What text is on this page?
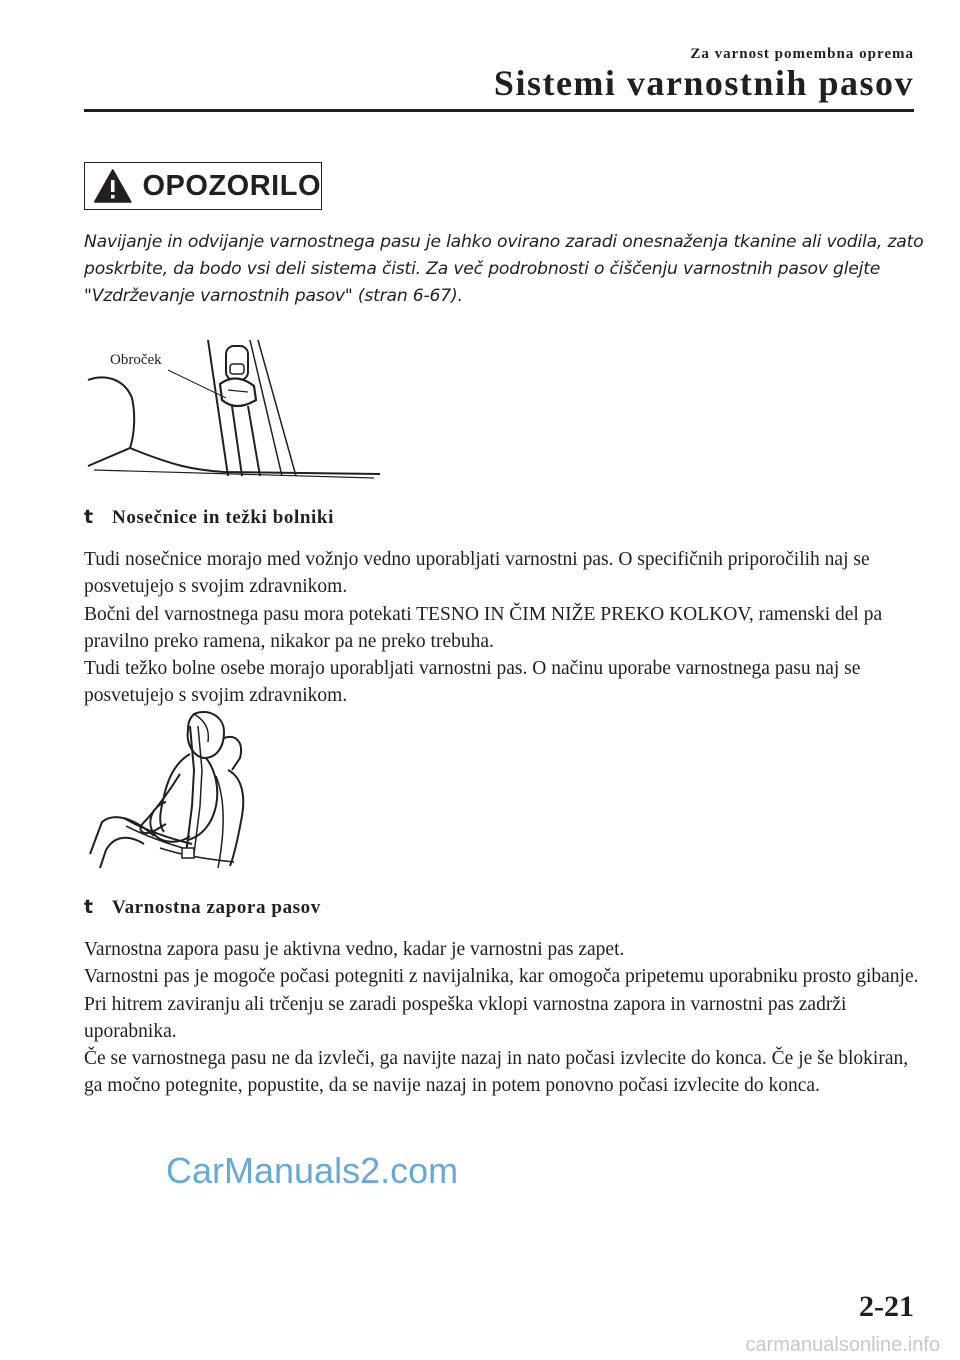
Za varnost pomembna oprema
Sistemi varnostnih pasov
OPOZORILO
Navijanje in odvijanje varnostnega pasu je lahko ovirano zaradi onesnaženja tkanine ali vodila, zato poskrbite, da bodo vsi deli sistema čisti. Za več podrobnosti o čiščenju varnostnih pasov glejte "Vzdrževanje varnostnih pasov" (stran 6-67).
Obroček
t Nosečnice in težki bolniki

Tudi nosečnice morajo med vožnjo vedno uporabljati varnostni pas. O specifičnih priporočilih naj se posvetujejo s svojim zdravnikom.

Bočni del varnostnega pasu mora potekati TESNO IN ČIM NIŽE PREKO KOLKOV, ramenski del pa pravilno preko ramena, nikakor pa ne preko trebuha.

Tudi težko bolne osebe morajo uporabljati varnostni pas. O načinu uporabe varnostnega pasu naj se posvetujejo s svojim zdravnikom.

t Varnostna zapora pasov

Varnostna zapora pasu je aktivna vedno, kadar je varnostni pas zapet.

Varnostni pas je mogoče počasi potegniti z navijalnika, kar omogoča pripetemu uporabniku prosto gibanje. Pri hitrem zaviranju ali trčenju se zaradi pospeška vklopi varnostna zapora in varnostni pas zadrži uporabnika.

Če se varnostnega pasu ne da izvleči, ga navijte nazaj in nato počasi izvlecite do konca. Če je še blokiran, ga močno potegnite, popustite, da se navije nazaj in potem ponovno počasi izvlecite do konca.

CarManuals2.com
2-21
carmanualsonline.info
